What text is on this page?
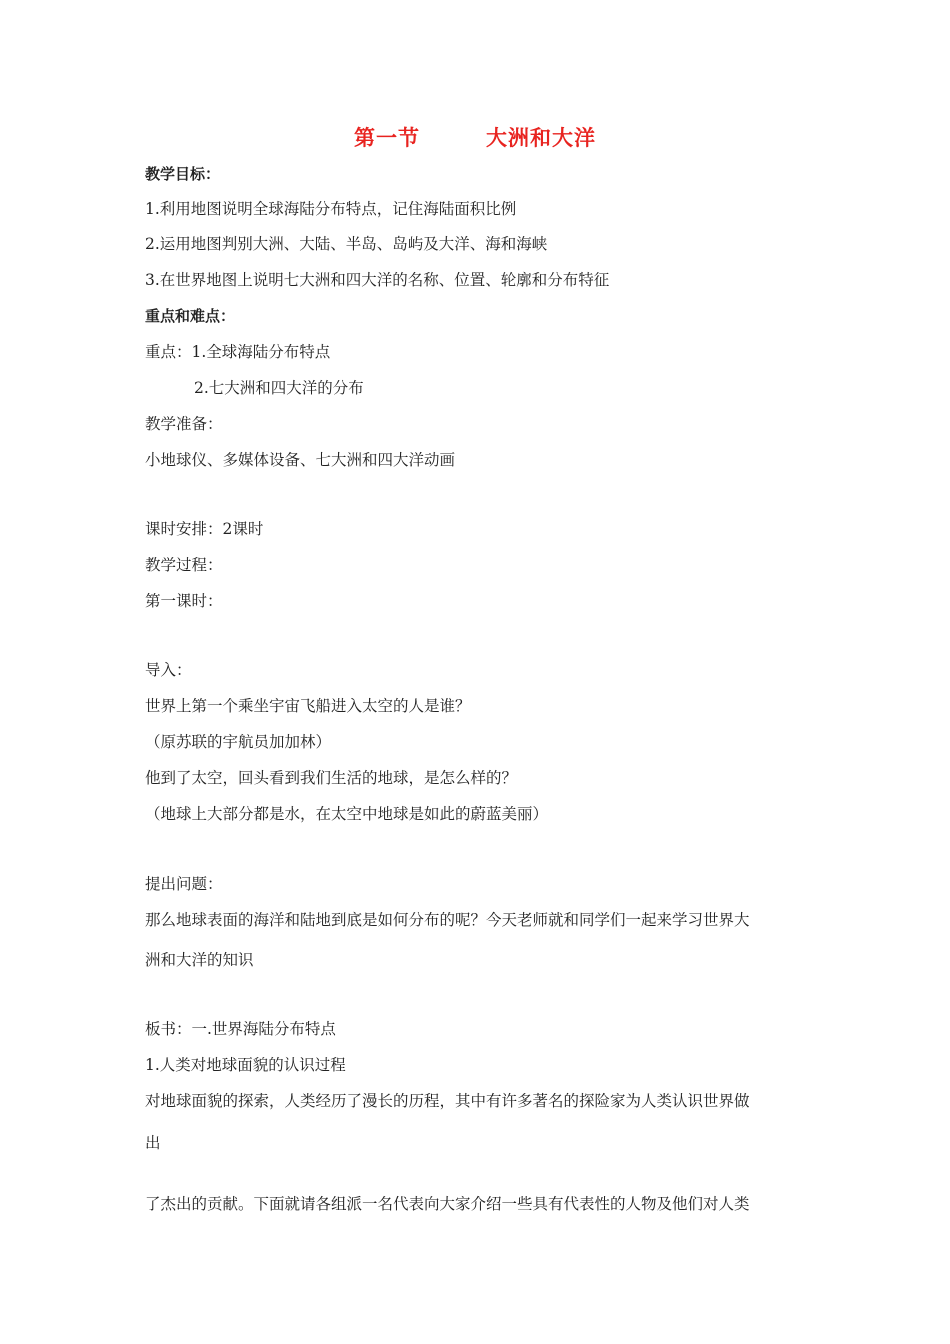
第一节　　　大洲和大洋
教学目标：
1.利用地图说明全球海陆分布特点，记住海陆面积比例
2.运用地图判别大洲、大陆、半岛、岛屿及大洋、海和海峡
3.在世界地图上说明七大洲和四大洋的名称、位置、轮廓和分布特征
重点和难点：
重点：1.全球海陆分布特点
2.七大洲和四大洋的分布
教学准备：
小地球仪、多媒体设备、七大洲和四大洋动画
课时安排：2课时
教学过程：
第一课时：
导入：
世界上第一个乘坐宇宙飞船进入太空的人是谁？
（原苏联的宇航员加加林）
他到了太空，回头看到我们生活的地球，是怎么样的？
（地球上大部分都是水，在太空中地球是如此的蔚蓝美丽）
提出问题：
那么地球表面的海洋和陆地到底是如何分布的呢？今天老师就和同学们一起来学习世界大
洲和大洋的知识
板书：一.世界海陆分布特点
1.人类对地球面貌的认识过程
对地球面貌的探索，人类经历了漫长的历程，其中有许多著名的探险家为人类认识世界做
出
了杰出的贡献。下面就请各组派一名代表向大家介绍一些具有代表性的人物及他们对人类
